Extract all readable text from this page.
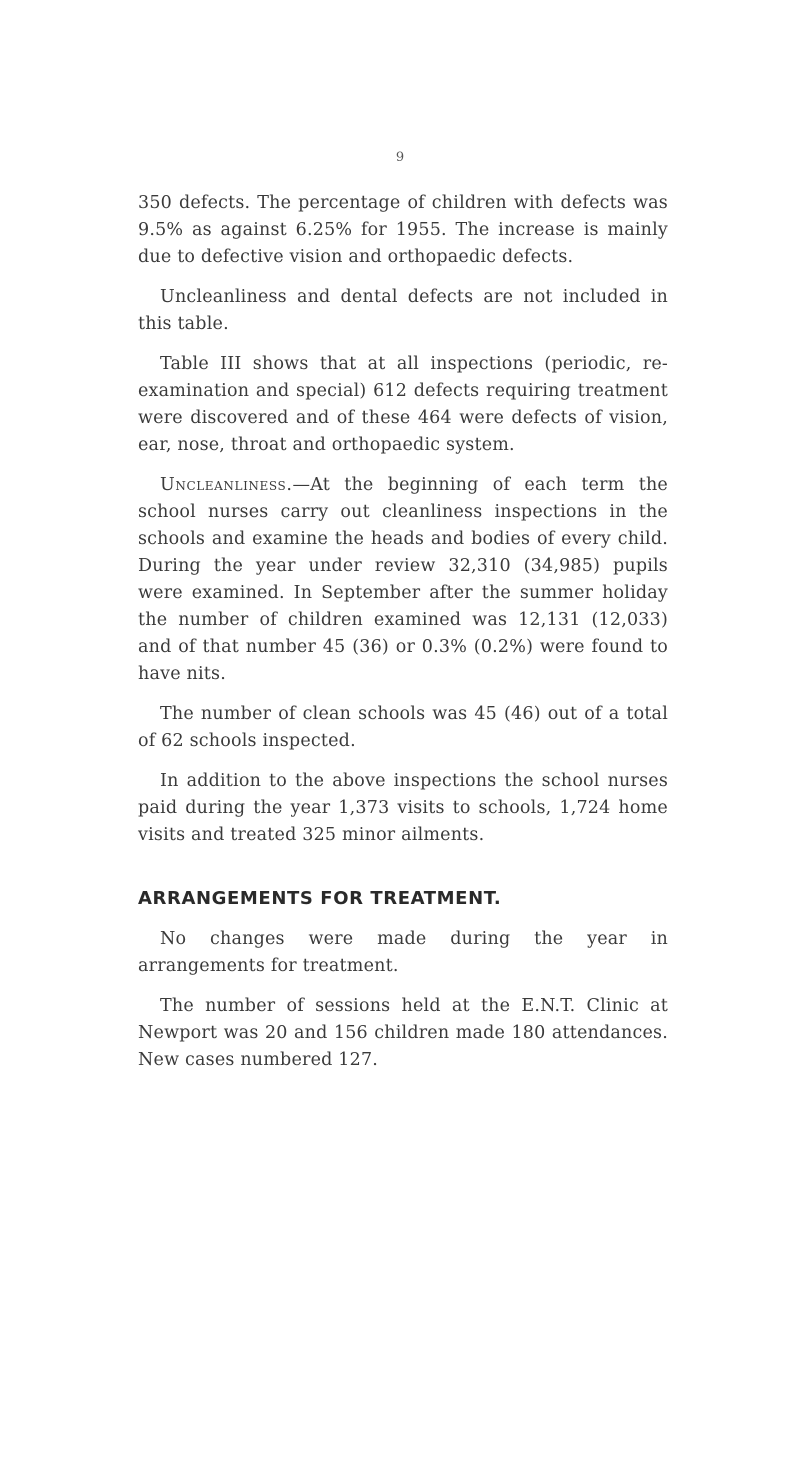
9

350 defects. The percentage of children with defects was 9.5% as against 6.25% for 1955. The increase is mainly due to defective vision and orthopaedic defects.

Uncleanliness and dental defects are not included in this table.

Table III shows that at all inspections (periodic, re-examination and special) 612 defects requiring treatment were discovered and of these 464 were defects of vision, ear, nose, throat and orthopaedic system.

Uncleanliness.—At the beginning of each term the school nurses carry out cleanliness inspections in the schools and examine the heads and bodies of every child. During the year under review 32,310 (34,985) pupils were examined. In September after the summer holiday the number of children examined was 12,131 (12,033) and of that number 45 (36) or 0.3% (0.2%) were found to have nits.

The number of clean schools was 45 (46) out of a total of 62 schools inspected.

In addition to the above inspections the school nurses paid during the year 1,373 visits to schools, 1,724 home visits and treated 325 minor ailments.

ARRANGEMENTS FOR TREATMENT.

No changes were made during the year in arrangements for treatment.

The number of sessions held at the E.N.T. Clinic at Newport was 20 and 156 children made 180 attendances. New cases numbered 127.
